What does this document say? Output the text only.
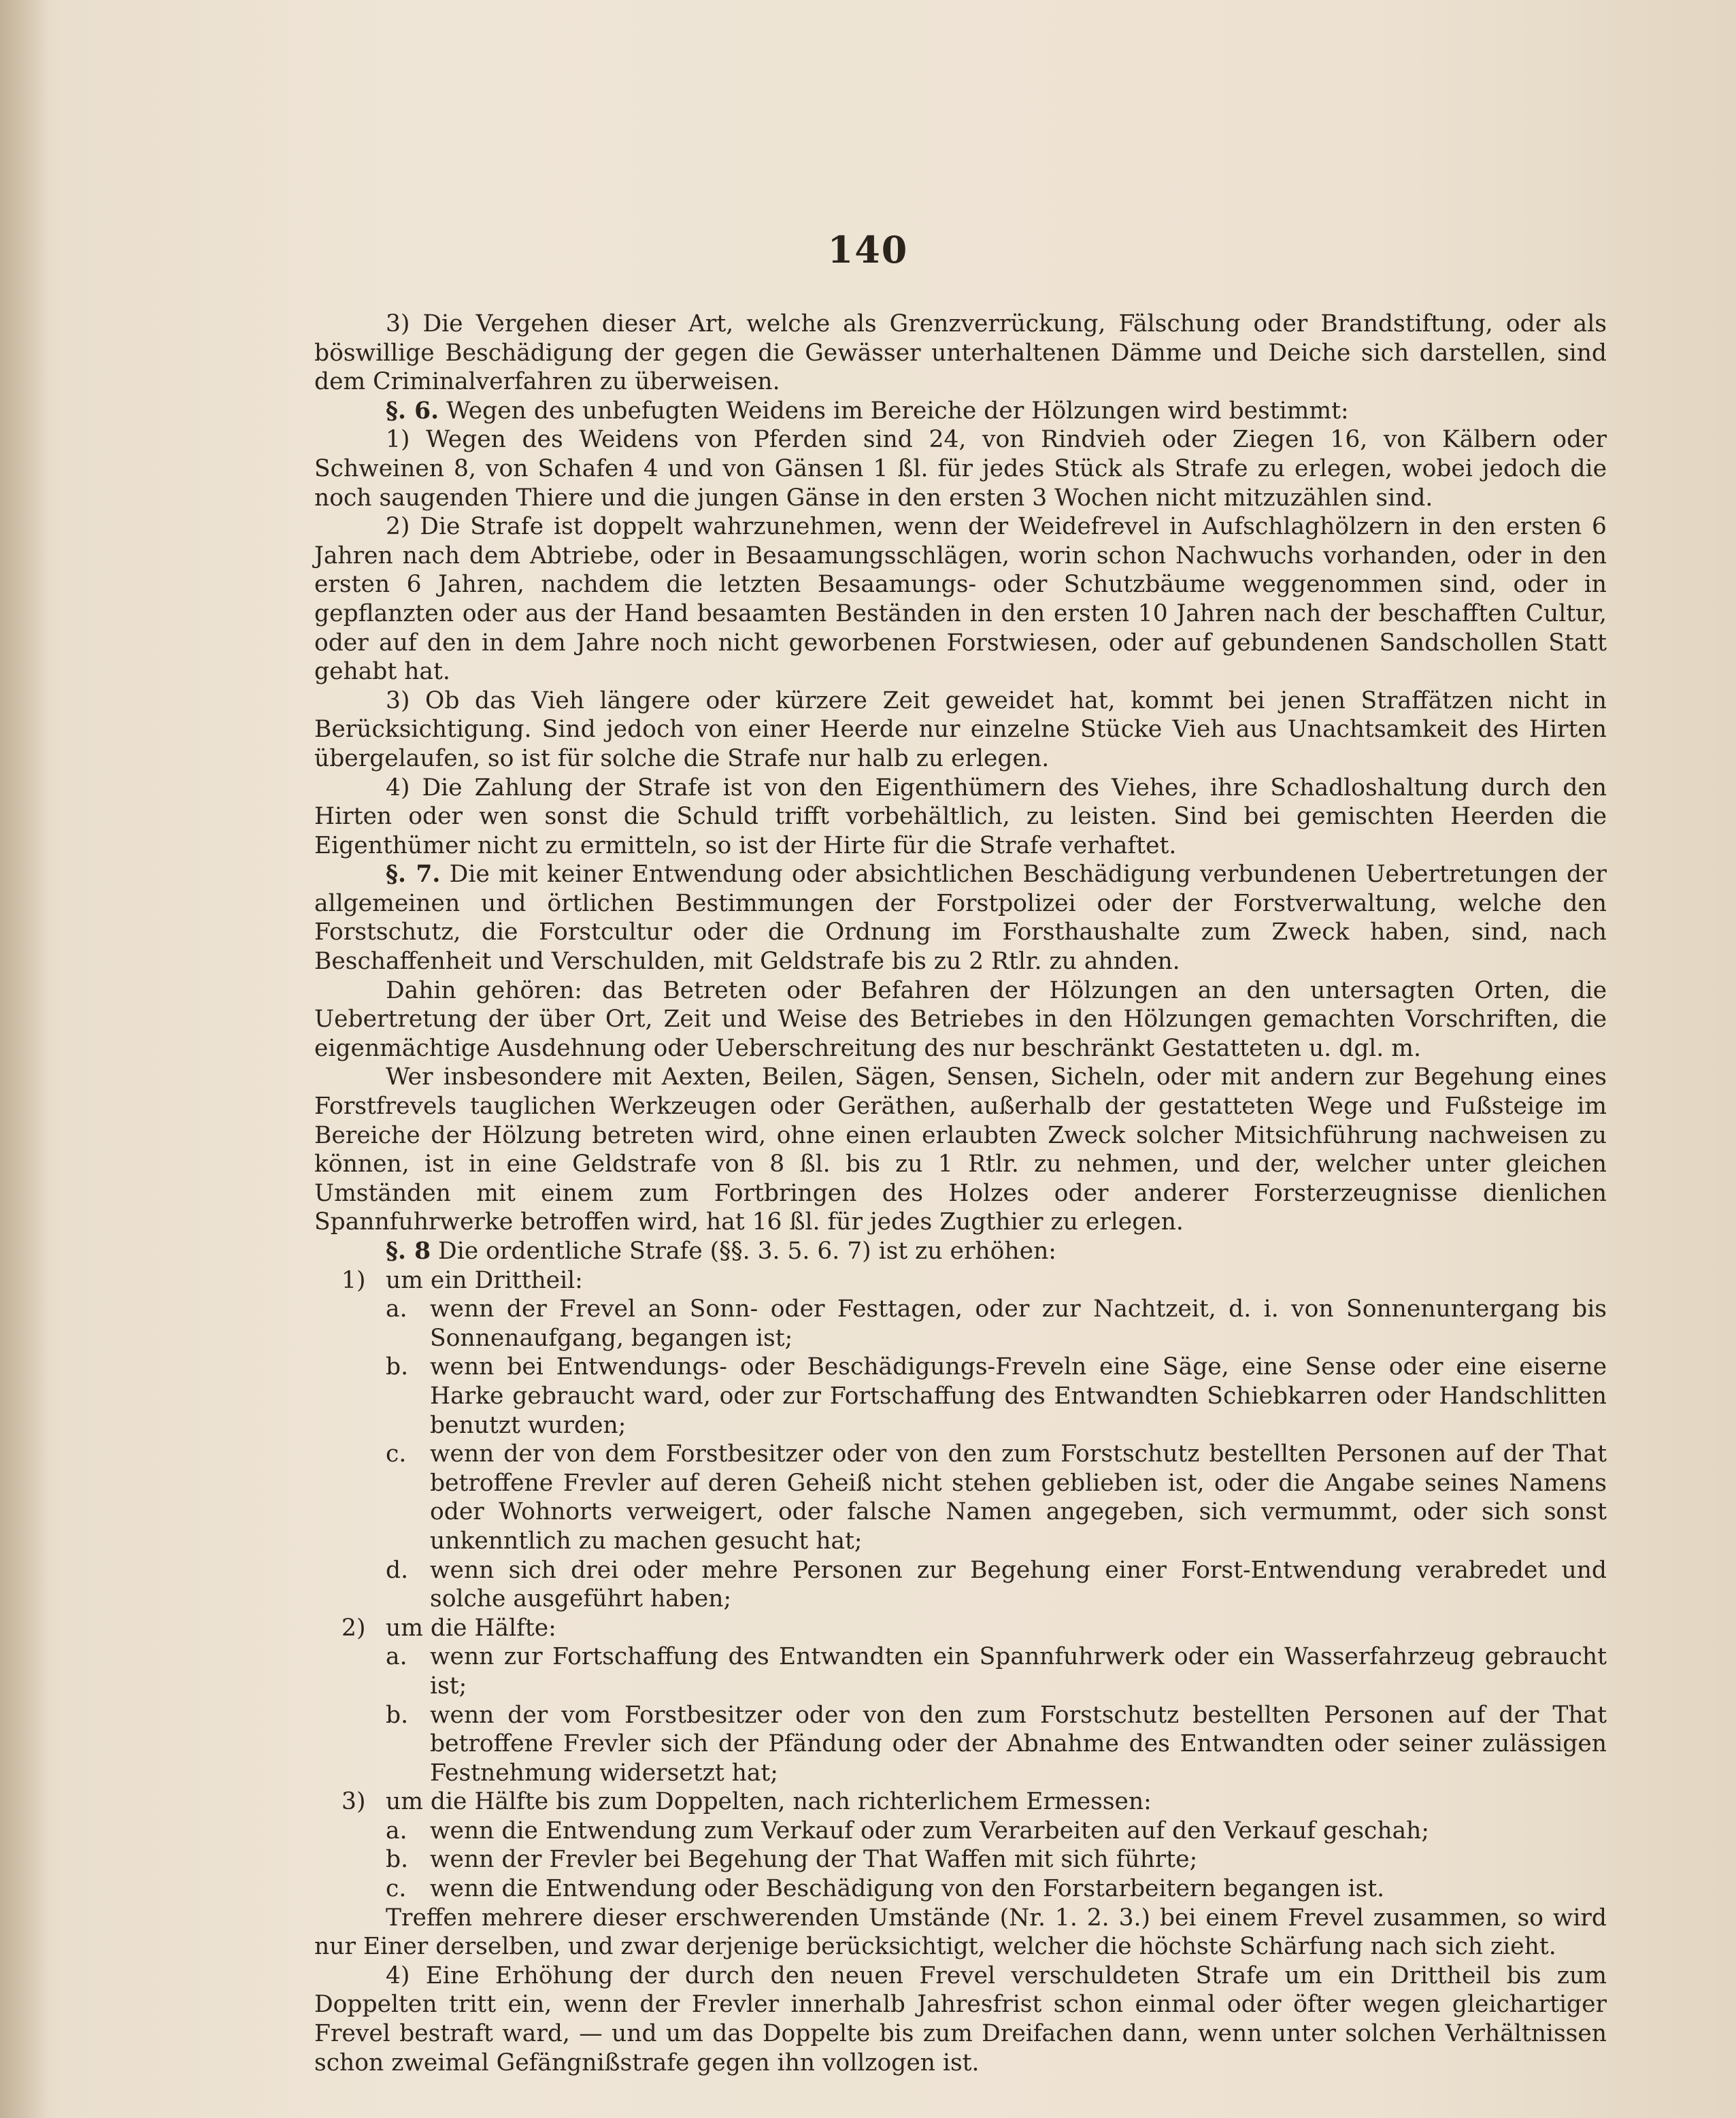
140

3) Die Vergehen dieser Art, welche als Grenzverrückung, Fälschung oder Brandstiftung, oder als böswillige Beschädigung der gegen die Gewässer unterhaltenen Dämme und Deiche sich darstellen, sind dem Criminalverfahren zu überweisen.

§. 6. Wegen des unbefugten Weidens im Bereiche der Hölzungen wird bestimmt:

1) Wegen des Weidens von Pferden sind 24, von Rindvieh oder Ziegen 16, von Kälbern oder Schweinen 8, von Schafen 4 und von Gänsen 1 ßl. für jedes Stück als Strafe zu erlegen, wobei jedoch die noch saugenden Thiere und die jungen Gänse in den ersten 3 Wochen nicht mitzuzählen sind.

2) Die Strafe ist doppelt wahrzunehmen, wenn der Weidefrevel in Aufschlaghölzern in den ersten 6 Jahren nach dem Abtriebe, oder in Besaamungsschlägen, worin schon Nachwuchs vorhanden, oder in den ersten 6 Jahren, nachdem die letzten Besaamungs- oder Schutzbäume weggenommen sind, oder in gepflanzten oder aus der Hand besaamten Beständen in den ersten 10 Jahren nach der beschafften Cultur, oder auf den in dem Jahre noch nicht geworbenen Forstwiesen, oder auf gebundenen Sandschollen Statt gehabt hat.

3) Ob das Vieh längere oder kürzere Zeit geweidet hat, kommt bei jenen Straffätzen nicht in Berücksichtigung. Sind jedoch von einer Heerde nur einzelne Stücke Vieh aus Unachtsamkeit des Hirten übergelaufen, so ist für solche die Strafe nur halb zu erlegen.

4) Die Zahlung der Strafe ist von den Eigenthümern des Viehes, ihre Schadloshaltung durch den Hirten oder wen sonst die Schuld trifft vorbehältlich, zu leisten. Sind bei gemischten Heerden die Eigenthümer nicht zu ermitteln, so ist der Hirte für die Strafe verhaftet.

§. 7. Die mit keiner Entwendung oder absichtlichen Beschädigung verbundenen Uebertretungen der allgemeinen und örtlichen Bestimmungen der Forstpolizei oder der Forstverwaltung, welche den Forstschutz, die Forstcultur oder die Ordnung im Forsthaushalte zum Zweck haben, sind, nach Beschaffenheit und Verschulden, mit Geldstrafe bis zu 2 Rtlr. zu ahnden.

Dahin gehören: das Betreten oder Befahren der Hölzungen an den untersagten Orten, die Uebertretung der über Ort, Zeit und Weise des Betriebes in den Hölzungen gemachten Vorschriften, die eigenmächtige Ausdehnung oder Ueberschreitung des nur beschränkt Gestatteten u. dgl. m.

Wer insbesondere mit Aexten, Beilen, Sägen, Sensen, Sicheln, oder mit andern zur Begehung eines Forstfrevels tauglichen Werkzeugen oder Geräthen, außerhalb der gestatteten Wege und Fußsteige im Bereiche der Hölzung betreten wird, ohne einen erlaubten Zweck solcher Mitsichführung nachweisen zu können, ist in eine Geldstrafe von 8 ßl. bis zu 1 Rtlr. zu nehmen, und der, welcher unter gleichen Umständen mit einem zum Fortbringen des Holzes oder anderer Forsterzeugnisse dienlichen Spannfuhrwerke betroffen wird, hat 16 ßl. für jedes Zugthier zu erlegen.

§. 8 Die ordentliche Strafe (§§. 3. 5. 6. 7) ist zu erhöhen:

1) um ein Drittheil:
a. wenn der Frevel an Sonn- oder Festtagen, oder zur Nachtzeit, d. i. von Sonnenuntergang bis Sonnenaufgang, begangen ist;
b. wenn bei Entwendungs- oder Beschädigungs-Freveln eine Säge, eine Sense oder eine eiserne Harke gebraucht ward, oder zur Fortschaffung des Entwandten Schiebkarren oder Handschlitten benutzt wurden;
c.	wenn der von dem Forstbesitzer oder von den zum Forstschutz bestellten Personen auf der That betroffene Frevler auf deren Geheiß nicht stehen geblieben ist, oder die Angabe seines Namens oder Wohnorts verweigert, oder falsche Namen angegeben, sich vermummt, oder sich sonst unkenntlich zu machen gesucht hat;
d. wenn sich drei oder mehre Personen zur Begehung einer Forst-Entwendung verabredet und solche ausgeführt haben;
2) um die Hälfte:
a. wenn zur Fortschaffung des Entwandten ein Spannfuhrwerk oder ein Wasserfahrzeug gebraucht ist;
b. wenn der vom Forstbesitzer oder von den zum Forstschutz bestellten Personen auf der That betroffene Frevler sich der Pfändung oder der Abnahme des Entwandten oder seiner zulässigen Festnehmung widersetzt hat;
3) um die Hälfte bis zum Doppelten, nach richterlichem Ermessen:
a. wenn die Entwendung zum Verkauf oder zum Verarbeiten auf den Verkauf geschah;
b. wenn der Frevler bei Begehung der That Waffen mit sich führte;
c.	wenn die Entwendung oder Beschädigung von den Forstarbeitern begangen ist.

Treffen mehrere dieser erschwerenden Umstände (Nr. 1. 2. 3.) bei einem Frevel zusammen, so wird nur Einer derselben, und zwar derjenige berücksichtigt, welcher die höchste Schärfung nach sich zieht.

4) Eine Erhöhung der durch den neuen Frevel verschuldeten Strafe um ein Drittheil bis zum Doppelten tritt ein, wenn der Frevler innerhalb Jahresfrist schon einmal oder öfter wegen gleichartiger Frevel bestraft ward, — und um das Doppelte bis zum Dreifachen dann, wenn unter solchen Verhältnissen schon zweimal Gefängnißstrafe gegen ihn vollzogen ist.
